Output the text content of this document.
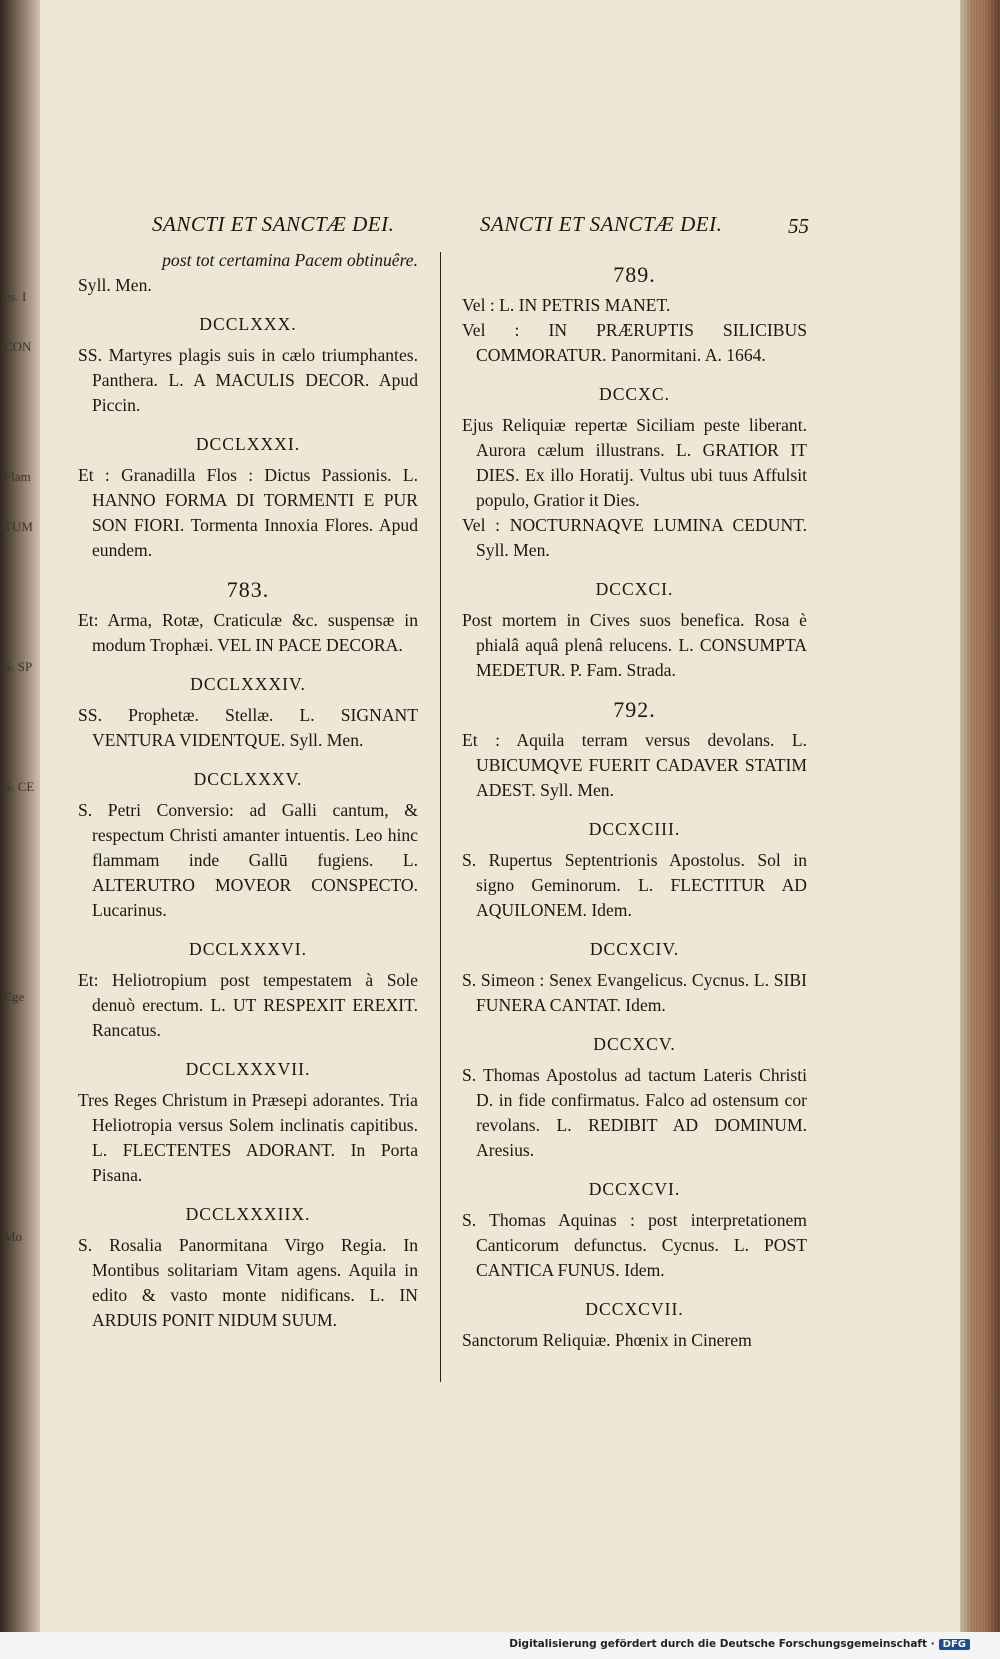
ns. I
CON
Flam
TUM
S. SP
S. CE
Ege
Mo
SANCTI ET SANCTÆ DEI.	SANCTI ET SANCTÆ DEI.	55
post tot certamina Pacem obtinuêre.
Syll. Men.
DCCLXXX.
SS. Martyres plagis suis in cælo triumphantes. Panthera. L. A MACULIS DECOR. Apud Piccin.
DCCLXXXI.
Et : Granadilla Flos : Dictus Passionis. L. HANNO FORMA DI TORMENTI E PUR SON FIORI. Tormenta Innoxia Flores. Apud eundem.
783.
Et: Arma, Rotæ, Craticulæ &c. suspensæ in modum Trophæi. VEL IN PACE DECORA.
DCCLXXXIV.
SS. Prophetæ. Stellæ. L. SIGNANT VENTURA VIDENTQUE. Syll. Men.
DCCLXXXV.
S. Petri Conversio: ad Galli cantum, & respectum Christi amanter intuentis. Leo hinc flammam inde Gallū fugiens. L. ALTERUTRO MOVEOR CONSPECTO. Lucarinus.
DCCLXXXVI.
Et: Heliotropium post tempestatem à Sole denuò erectum. L. UT RESPEXIT EREXIT. Rancatus.
DCCLXXXVII.
Tres Reges Christum in Præsepi adorantes. Tria Heliotropia versus Solem inclinatis capitibus. L. FLECTENTES ADORANT. In Porta Pisana.
DCCLXXXIIX.
S. Rosalia Panormitana Virgo Regia. In Montibus solitariam Vitam agens. Aquila in edito & vasto monte nidificans. L. IN ARDUIS PONIT NIDUM SUUM.
789.
Vel : L. IN PETRIS MANET.
Vel : IN PRÆRUPTIS SILICIBUS COMMORATUR. Panormitani. A. 1664.
DCCXC.
Ejus Reliquiæ repertæ Siciliam peste liberant. Aurora cælum illustrans. L. GRATIOR IT DIES. Ex illo Horatij. Vultus ubi tuus Affulsit populo, Gratior it Dies.
Vel : NOCTURNAQVE LUMINA CEDUNT. Syll. Men.
DCCXCI.
Post mortem in Cives suos benefica. Rosa è phialâ aquâ plenâ relucens. L. CONSUMPTA MEDETUR. P. Fam. Strada.
792.
Et : Aquila terram versus devolans. L. UBICUMQVE FUERIT CADAVER STATIM ADEST. Syll. Men.
DCCXCIII.
S. Rupertus Septentrionis Apostolus. Sol in signo Geminorum. L. FLECTITUR AD AQUILONEM. Idem.
DCCXCIV.
S. Simeon : Senex Evangelicus. Cycnus. L. SIBI FUNERA CANTAT. Idem.
DCCXCV.
S. Thomas Apostolus ad tactum Lateris Christi D. in fide confirmatus. Falco ad ostensum cor revolans. L. REDIBIT AD DOMINUM. Aresius.
DCCXCVI.
S. Thomas Aquinas : post interpretationem Canticorum defunctus. Cycnus. L. POST CANTICA FUNUS. Idem.
DCCXCVII.
Sanctorum Reliquiæ. Phœnix in Cinerem
Digitalisierung gefördert durch die Deutsche Forschungsgemeinschaft · DFG
